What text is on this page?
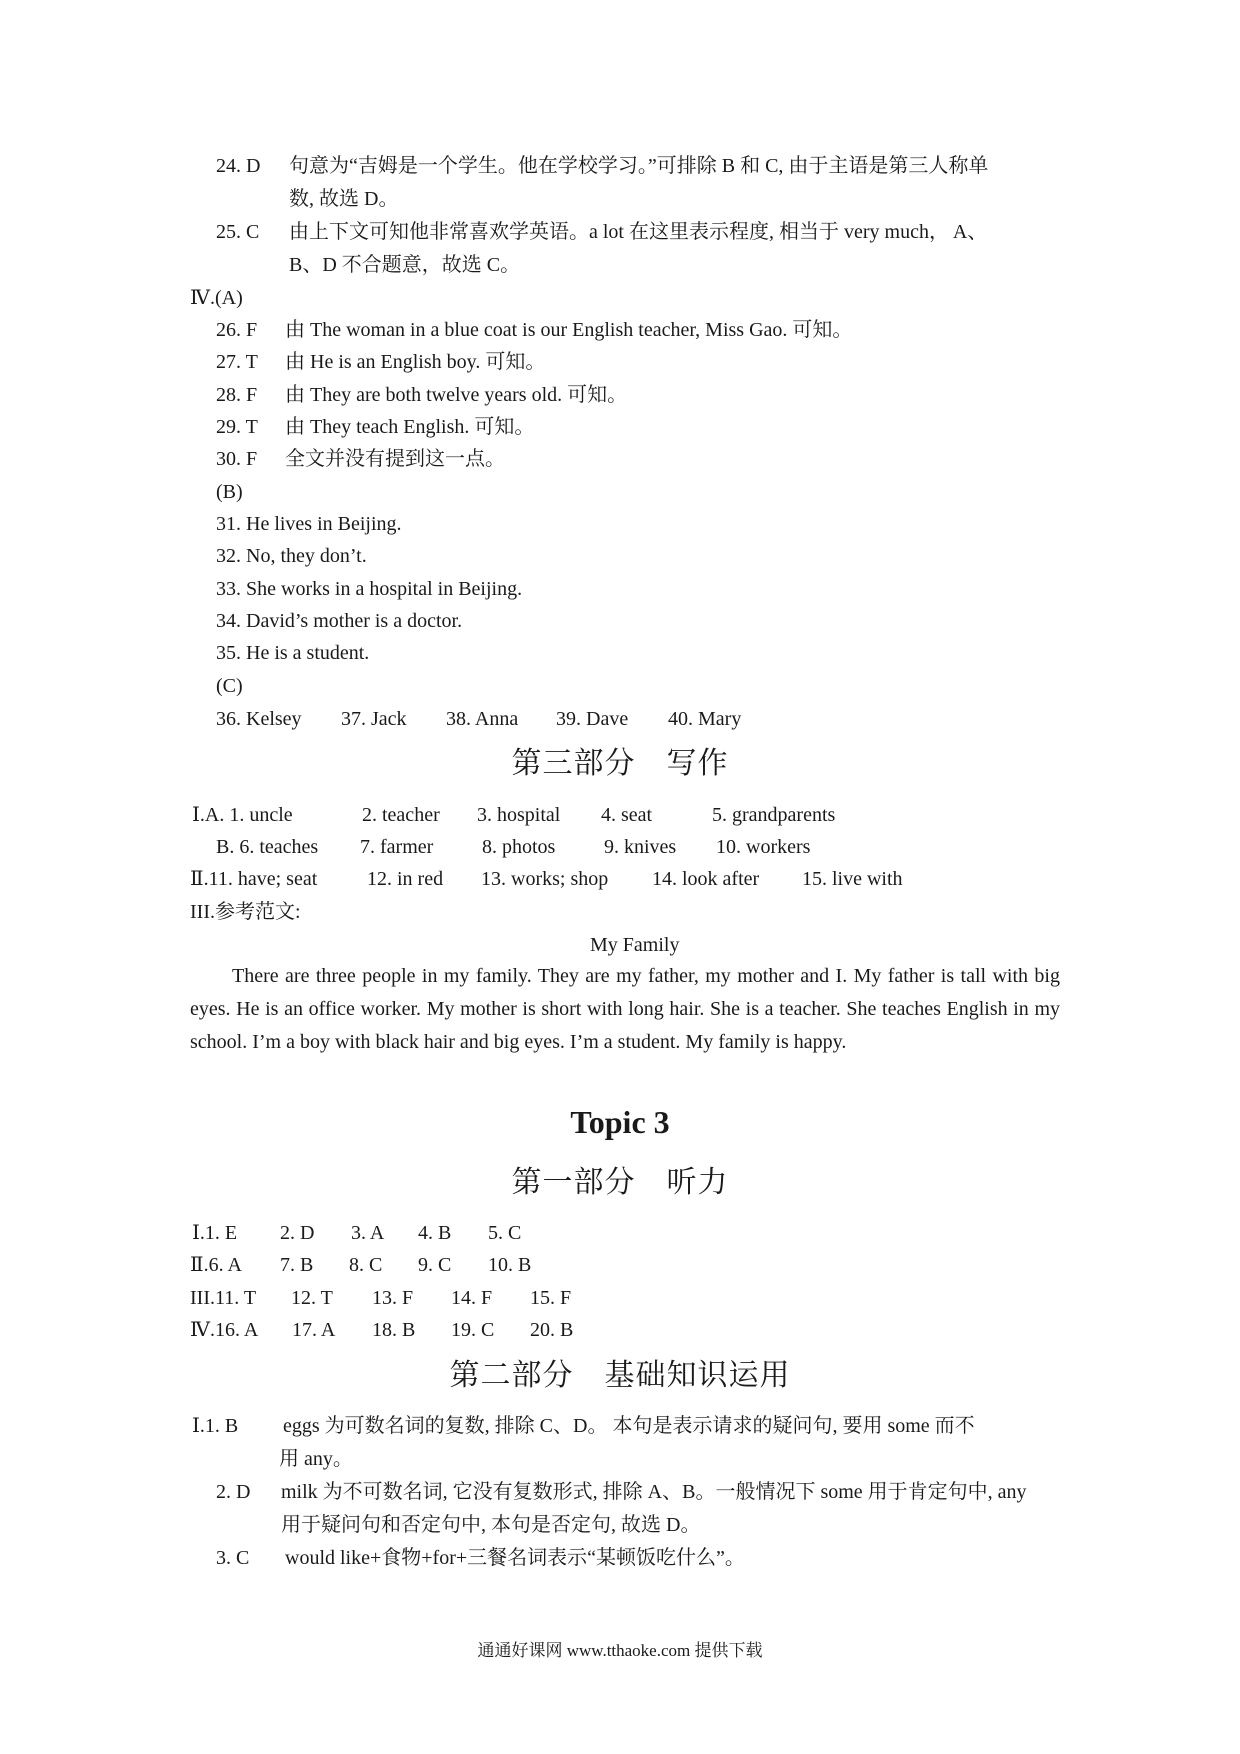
24. D 句意为“吉姆是一个学生。他在学校学习。”可排除 B 和 C, 由于主语是第三人称单
数, 故选 D。
25. C 由上下文可知他非常喜欢学英语。a lot 在这里表示程度, 相当于 very much， A、
B、D 不合题意，故选 C。
Ⅳ.(A)
26. F 由 The woman in a blue coat is our English teacher, Miss Gao. 可知。
27. T 由 He is an English boy. 可知。
28. F 由 They are both twelve years old. 可知。
29. T 由 They teach English. 可知。
30. F 全文并没有提到这一点。
(B)
31. He lives in Beijing.
32. No, they don’t.
33. She works in a hospital in Beijing.
34. David’s mother is a doctor.
35. He is a student.
(C)
36. Kelsey 37. Jack 38. Anna 39. Dave 40. Mary
第三部分　写作
Ⅰ.A. 1. uncle	2. teacher 3. hospital 4. seat	5. grandparents
B. 6. teaches 7. farmer 8. photos 9. knives 10. workers
Ⅱ.11. have; seat 12. in red 13. works; shop 14. look after 15. live with
III.参考范文:
My Family
There are three people in my family. They are my father, my mother and I. My father is tall with big eyes. He is an office worker. My mother is short with long hair. She is a teacher. She teaches English in my school. I’m a boy with black hair and big eyes. I’m a student. My family is happy.
Topic 3
第一部分　听力
Ⅰ.1. E 2. D 3. A 4. B 5. C
Ⅱ.6. A 7. B 8. C 9. C 10. B
III.11. T 12. T 13. F 14. F 15. F
Ⅳ.16. A 17. A 18. B 19. C 20. B
第二部分　基础知识运用
Ⅰ.1. B eggs 为可数名词的复数, 排除 C、D。 本句是表示请求的疑问句, 要用 some 而不
用 any。
2. D milk 为不可数名词, 它没有复数形式, 排除 A、B。一般情况下 some 用于肯定句中, any
用于疑问句和否定句中, 本句是否定句, 故选 D。
3. C would like+食物+for+三餐名词表示“某顿饭吃什么”。
通通好课网 www.tthaoke.com 提供下载
